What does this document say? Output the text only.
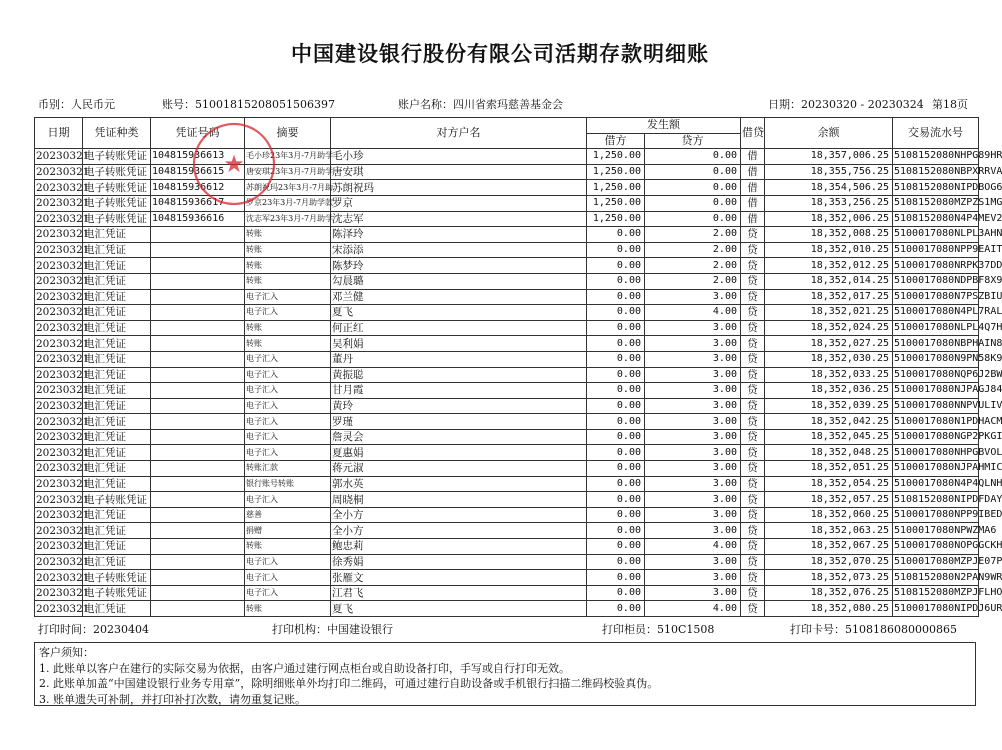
中国建设银行股份有限公司活期存款明细账
币别：人民币元	账号：51001815208051506397	账户名称：四川省索玛慈善基金会	日期：20230320 - 20230324 第18页
日期	凭证种类	凭证号码	摘要	对方户名	发生额		借贷	余额	交易流水号
					借方	贷方			
20230321	电子转账凭证	104815936613	毛小珍23年3月-7月助学	毛小珍	1,250.00	0.00	借	18,357,006.25	5108152080NHPG89HR
20230321	电子转账凭证	104815936615	唐安琪23年3月-7月助学	唐安琪	1,250.00	0.00	借	18,355,756.25	5108152080NBPXRRVA
20230321	电子转账凭证	104815936612	苏朗祝玛23年3月-7月助	苏朗祝玛	1,250.00	0.00	借	18,354,506.25	5108152080NIPDBOG6
20230321	电子转账凭证	104815936617	罗京23年3月-7月助学款	罗京	1,250.00	0.00	借	18,353,256.25	5108152080MZPZS1MG
20230321	电子转账凭证	104815936616	沈志军23年3月-7月助学	沈志军	1,250.00	0.00	借	18,352,006.25	5108152080N4P4MEV2
20230321	电汇凭证		转账	陈泽玲	0.00	2.00	贷	18,352,008.25	5100017080NLPL3AHN
20230321	电汇凭证		转账	宋添添	0.00	2.00	贷	18,352,010.25	5100017080NPP9EAIT
20230321	电汇凭证		转账	陈梦玲	0.00	2.00	贷	18,352,012.25	5100017080NRPK37DD
20230321	电汇凭证		转账	勾晨璐	0.00	2.00	贷	18,352,014.25	5100017080NDPBF8X9
20230321	电汇凭证		电子汇入	邓兰健	0.00	3.00	贷	18,352,017.25	5100017080N7PSZBIU
20230321	电汇凭证		电子汇入	夏飞	0.00	4.00	贷	18,352,021.25	5100017080N4PL7RAL
20230321	电汇凭证		转账	何正红	0.00	3.00	贷	18,352,024.25	5100017080NLPL4Q7H
20230321	电汇凭证		转账	吴利娟	0.00	3.00	贷	18,352,027.25	5100017080NBPHAIN8
20230321	电汇凭证		电子汇入	董丹	0.00	3.00	贷	18,352,030.25	5100017080N9PN58K9
20230321	电汇凭证		电子汇入	黄振聪	0.00	3.00	贷	18,352,033.25	5100017080NQP6J2BW
20230321	电汇凭证		电子汇入	甘月霞	0.00	3.00	贷	18,352,036.25	5100017080NJPAGJ84
20230321	电汇凭证		电子汇入	黄玲	0.00	3.00	贷	18,352,039.25	5100017080NNPVULIV
20230321	电汇凭证		电子汇入	罗瑾	0.00	3.00	贷	18,352,042.25	5100017080N1PDHACM
20230321	电汇凭证		电子汇入	詹灵会	0.00	3.00	贷	18,352,045.25	5100017080NGP2PKGI
20230321	电汇凭证		电子汇入	夏惠娟	0.00	3.00	贷	18,352,048.25	5100017080NHPGBVOL
20230321	电汇凭证		转账汇款	蒋元淑	0.00	3.00	贷	18,352,051.25	5100017080NJPAHMIC
20230321	电汇凭证		银行账号转账	郭水英	0.00	3.00	贷	18,352,054.25	5100017080N4P4QLNH
20230321	电子转账凭证		电子汇入	周晓桐	0.00	3.00	贷	18,352,057.25	5108152080NIPDFDAY
20230321	电汇凭证		慈善	全小方	0.00	3.00	贷	18,352,060.25	5100017080NPP9IBED
20230321	电汇凭证		捐赠	全小方	0.00	3.00	贷	18,352,063.25	5100017080NPWZMA6
20230321	电汇凭证		转账	鲍忠莉	0.00	4.00	贷	18,352,067.25	5100017080NOPGGCKH
20230321	电汇凭证		电子汇入	徐秀娟	0.00	3.00	贷	18,352,070.25	5100017080MZPJE07P
20230321	电子转账凭证		电子汇入	张雁文	0.00	3.00	贷	18,352,073.25	5108152080N2PAN9WR
20230321	电子转账凭证		电子汇入	江君飞	0.00	3.00	贷	18,352,076.25	5108152080MZPJFLHO
20230321	电汇凭证		转账	夏飞	0.00	4.00	贷	18,352,080.25	5100017080NIPDJ6UR
★
打印时间：20230404	打印机构：中国建设银行	打印柜员：510C1508	打印卡号：5108186080000865
客户须知：
1. 此账单以客户在建行的实际交易为依据，由客户通过建行网点柜台或自助设备打印，手写或自行打印无效。
2. 此账单加盖“中国建设银行业务专用章”，除明细账单外均打印二维码，可通过建行自助设备或手机银行扫描二维码校验真伪。
3. 账单遗失可补制，并打印补打次数，请勿重复记账。
